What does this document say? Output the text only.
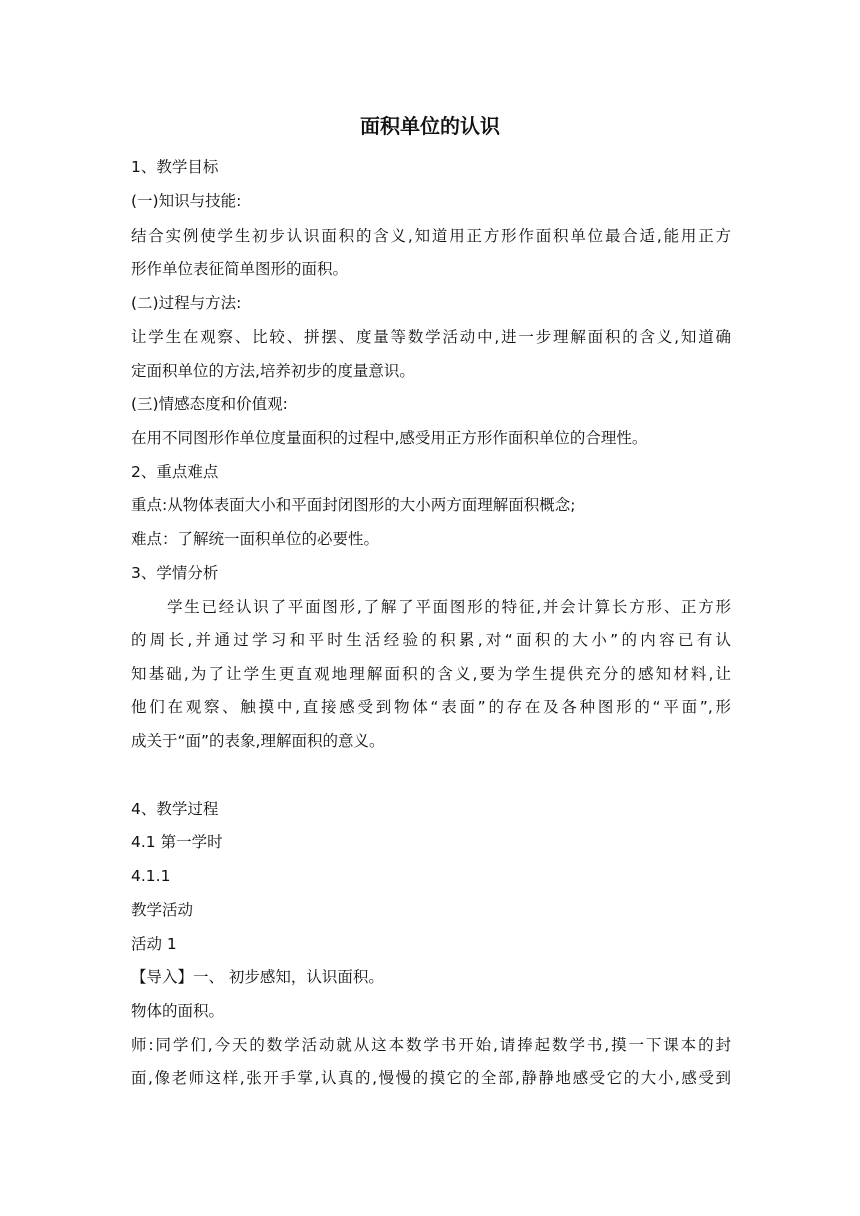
面积单位的认识
1、教学目标
(一)知识与技能:
结合实例使学生初步认识面积的含义,知道用正方形作面积单位最合适,能用正方
形作单位表征简单图形的面积。
(二)过程与方法:
让学生在观察、比较、拼摆、度量等数学活动中,进一步理解面积的含义,知道确
定面积单位的方法,培养初步的度量意识。
(三)情感态度和价值观:
在用不同图形作单位度量面积的过程中,感受用正方形作面积单位的合理性。
2、重点难点
重点:从物体表面大小和平面封闭图形的大小两方面理解面积概念;
难点：了解统一面积单位的必要性。
3、学情分析
学生已经认识了平面图形,了解了平面图形的特征,并会计算长方形、正方形
的周长,并通过学习和平时生活经验的积累,对“面积的大小”的内容已有认
知基础,为了让学生更直观地理解面积的含义,要为学生提供充分的感知材料,让
他们在观察、触摸中,直接感受到物体“表面”的存在及各种图形的“平面”,形
成关于“面”的表象,理解面积的意义。
4、教学过程
4.1 第一学时
4.1.1
教学活动
活动 1
【导入】一、 初步感知，认识面积。
物体的面积。
师:同学们,今天的数学活动就从这本数学书开始,请捧起数学书,摸一下课本的封
面,像老师这样,张开手掌,认真的,慢慢的摸它的全部,静静地感受它的大小,感受到
